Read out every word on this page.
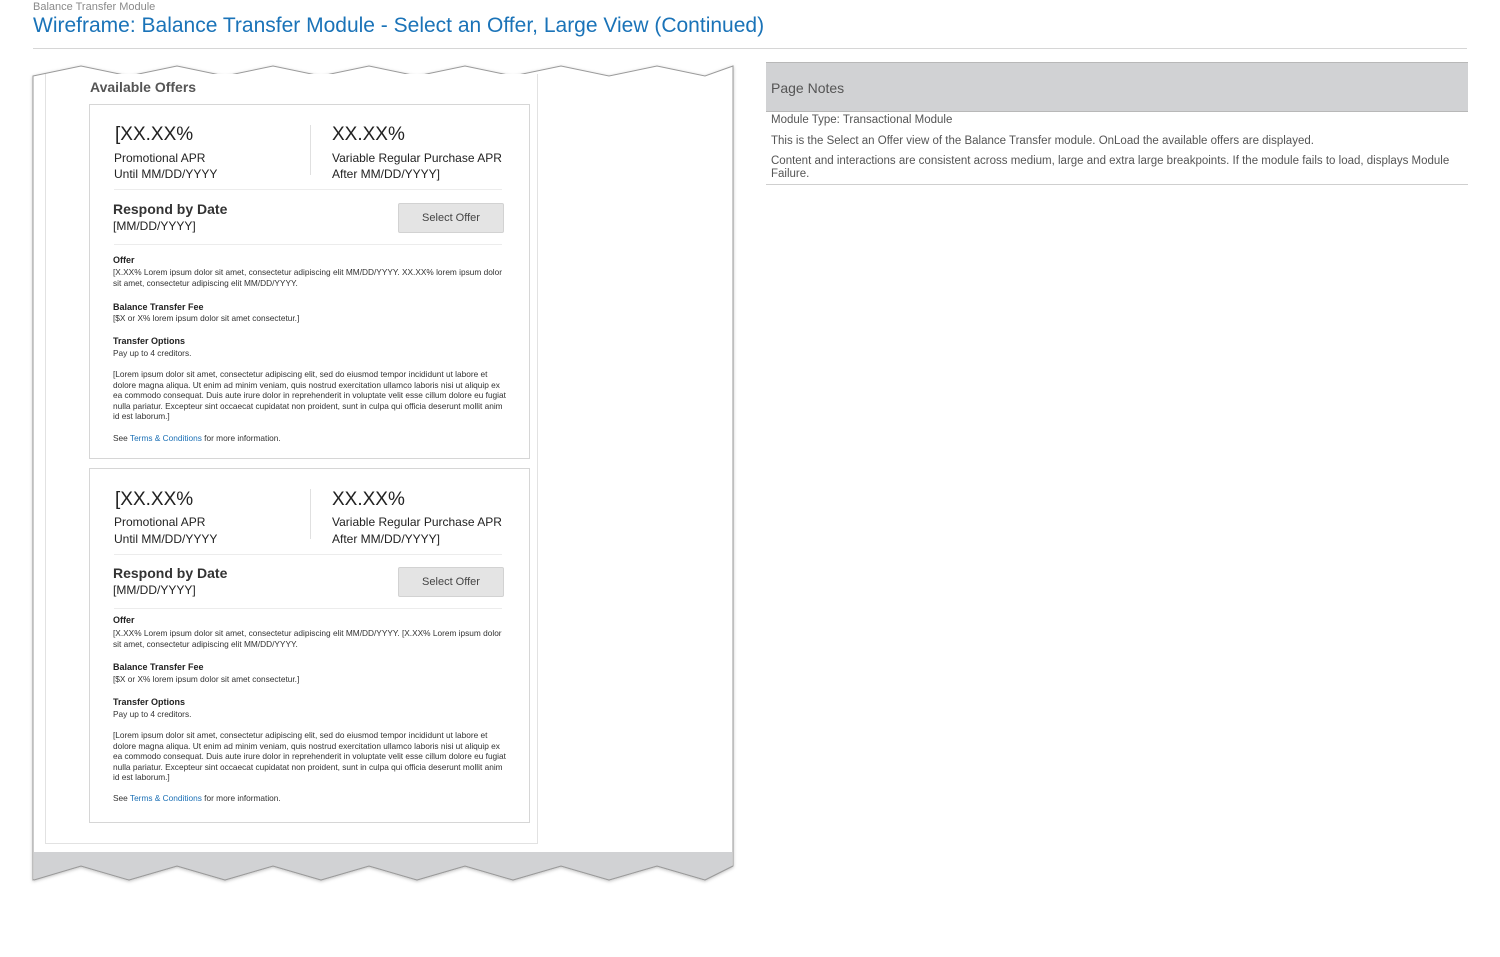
Balance Transfer Module
Wireframe: Balance Transfer Module - Select an Offer, Large View (Continued)
Available Offers
[XX.XX%
Promotional APR
Until MM/DD/YYYY
XX.XX%
Variable Regular Purchase APR
After MM/DD/YYYY]
Respond by Date
[MM/DD/YYYY]
Select Offer
Offer
[X.XX% Lorem ipsum dolor sit amet, consectetur adipiscing elit MM/DD/YYYY. XX.XX% lorem ipsum dolor sit amet, consectetur adipiscing elit MM/DD/YYYY.
Balance Transfer Fee
[$X or X% lorem ipsum dolor sit amet consectetur.]
Transfer Options
Pay up to 4 creditors.
[Lorem ipsum dolor sit amet, consectetur adipiscing elit, sed do eiusmod tempor incididunt ut labore et dolore magna aliqua. Ut enim ad minim veniam, quis nostrud exercitation ullamco laboris nisi ut aliquip ex ea commodo consequat. Duis aute irure dolor in reprehenderit in voluptate velit esse cillum dolore eu fugiat nulla pariatur. Excepteur sint occaecat cupidatat non proident, sunt in culpa qui officia deserunt mollit anim id est laborum.]
See Terms & Conditions for more information.
[XX.XX%
Promotional APR
Until MM/DD/YYYY
XX.XX%
Variable Regular Purchase APR
After MM/DD/YYYY]
Respond by Date
[MM/DD/YYYY]
Select Offer
Offer
[X.XX% Lorem ipsum dolor sit amet, consectetur adipiscing elit MM/DD/YYYY. [X.XX% Lorem ipsum dolor sit amet, consectetur adipiscing elit MM/DD/YYYY.
Balance Transfer Fee
[$X or X% lorem ipsum dolor sit amet consectetur.]
Transfer Options
Pay up to 4 creditors.
[Lorem ipsum dolor sit amet, consectetur adipiscing elit, sed do eiusmod tempor incididunt ut labore et dolore magna aliqua. Ut enim ad minim veniam, quis nostrud exercitation ullamco laboris nisi ut aliquip ex ea commodo consequat. Duis aute irure dolor in reprehenderit in voluptate velit esse cillum dolore eu fugiat nulla pariatur. Excepteur sint occaecat cupidatat non proident, sunt in culpa qui officia deserunt mollit anim id est laborum.]
See Terms & Conditions for more information.
Page Notes
Module Type: Transactional Module
This is the Select an Offer view of the Balance Transfer module. OnLoad the available offers are displayed.
Content and interactions are consistent across medium, large and extra large breakpoints. If the module fails to load, displays Module Failure.
